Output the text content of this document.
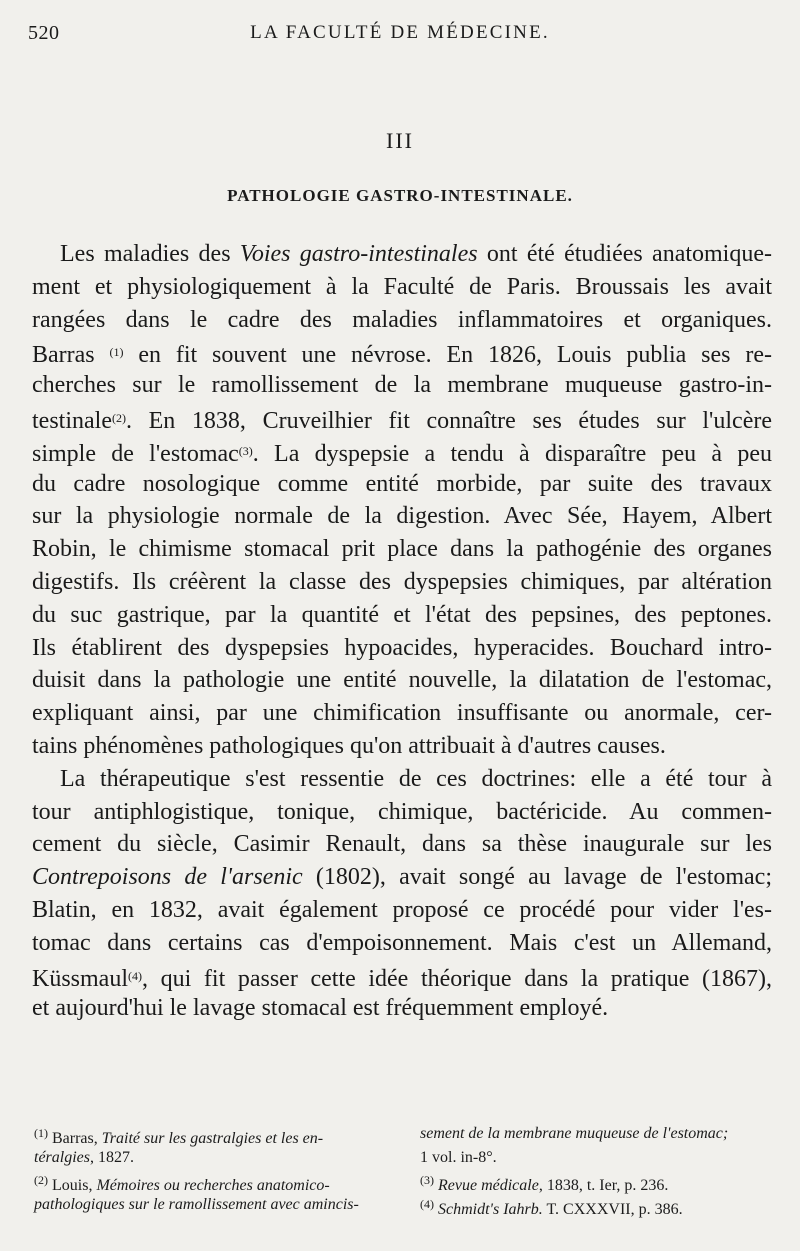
520	LA FACULTÉ DE MÉDECINE.
III
PATHOLOGIE GASTRO-INTESTINALE.
Les maladies des Voies gastro-intestinales ont été étudiées anatomique-
ment et physiologiquement à la Faculté de Paris. Broussais les avait
rangées dans le cadre des maladies inflammatoires et organiques.
Barras $^{(1)}$ en fit souvent une névrose. En 1826, Louis publia ses re-
cherches sur le ramollissement de la membrane muqueuse gastro-in-
testinale$^{(2)}$. En 1838, Cruveilhier fit connaître ses études sur l'ulcère
simple de l'estomac$^{(3)}$. La dyspepsie a tendu à disparaître peu à peu
du cadre nosologique comme entité morbide, par suite des travaux
sur la physiologie normale de la digestion. Avec Sée, Hayem, Albert
Robin, le chimisme stomacal prit place dans la pathogénie des organes
digestifs. Ils créèrent la classe des dyspepsies chimiques, par altération
du suc gastrique, par la quantité et l'état des pepsines, des peptones.
Ils établirent des dyspepsies hypoacides, hyperacides. Bouchard intro-
duisit dans la pathologie une entité nouvelle, la dilatation de l'estomac,
expliquant ainsi, par une chimification insuffisante ou anormale, cer-
tains phénomènes pathologiques qu'on attribuait à d'autres causes.
La thérapeutique s'est ressentie de ces doctrines: elle a été tour à
tour antiphlogistique, tonique, chimique, bactéricide. Au commen-
cement du siècle, Casimir Renault, dans sa thèse inaugurale sur les
Contrepoisons de l'arsenic (1802), avait songé au lavage de l'estomac;
Blatin, en 1832, avait également proposé ce procédé pour vider l'es-
tomac dans certains cas d'empoisonnement. Mais c'est un Allemand,
Küssmaul$^{(4)}$, qui fit passer cette idée théorique dans la pratique (1867),
et aujourd'hui le lavage stomacal est fréquemment employé.
$^{(1)}$ Barras, Traité sur les gastralgies et les en-
téralgies, 1827.
$^{(2)}$ Louis, Mémoires ou recherches anatomico-
pathologiques sur le ramollissement avec amincis-
sement de la membrane muqueuse de l'estomac;
1 vol. in-8°.
$^{(3)}$ Revue médicale, 1838, t. Ier, p. 236.
$^{(4)}$ Schmidt's Iahrb. T. CXXXVII, p. 386.
